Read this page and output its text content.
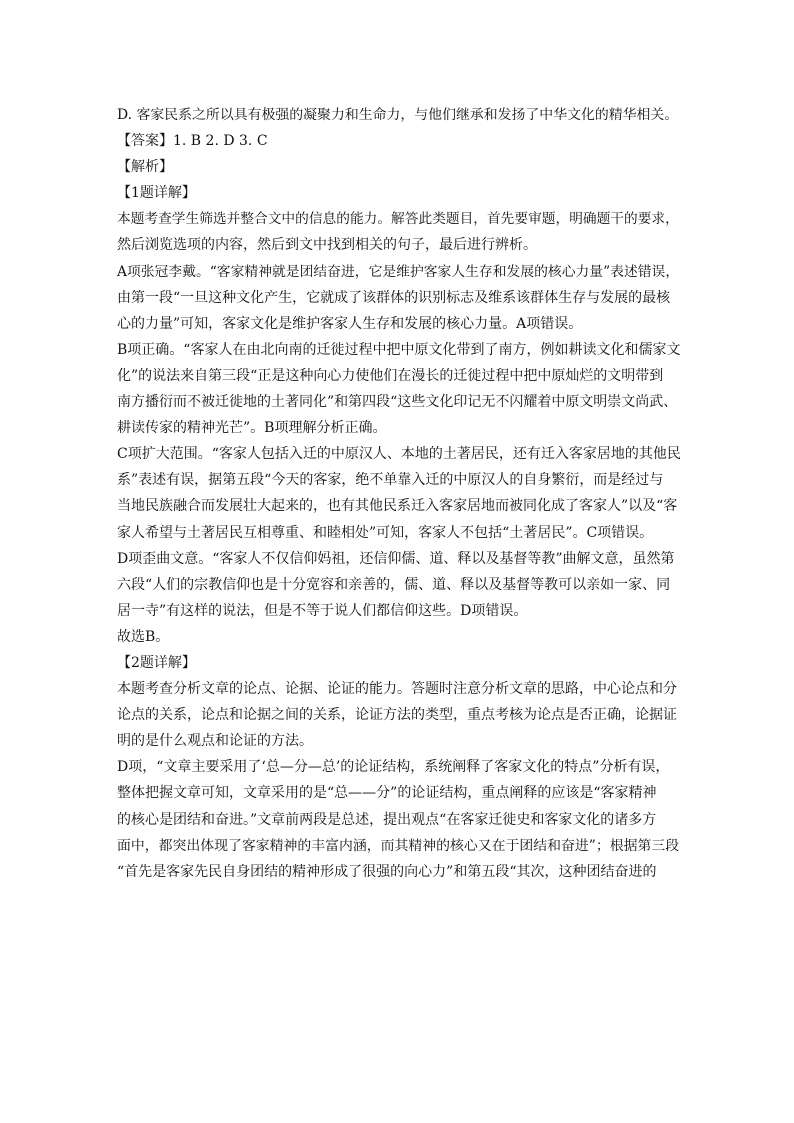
D. 客家民系之所以具有极强的凝聚力和生命力，与他们继承和发扬了中华文化的精华相关。
【答案】1. B 2. D 3. C
【解析】
【1题详解】
本题考查学生筛选并整合文中的信息的能力。解答此类题目，首先要审题，明确题干的要求，
然后浏览选项的内容，然后到文中找到相关的句子，最后进行辨析。
A项张冠李戴。“客家精神就是团结奋进，它是维护客家人生存和发展的核心力量”表述错误，
由第一段“一旦这种文化产生，它就成了该群体的识别标志及维系该群体生存与发展的最核
心的力量”可知，客家文化是维护客家人生存和发展的核心力量。A项错误。
B项正确。“客家人在由北向南的迁徙过程中把中原文化带到了南方，例如耕读文化和儒家文
化”的说法来自第三段“正是这种向心力使他们在漫长的迁徙过程中把中原灿烂的文明带到
南方播衍而不被迁徙地的土著同化”和第四段“这些文化印记无不闪耀着中原文明崇文尚武、
耕读传家的精神光芒”。B项理解分析正确。
C项扩大范围。“客家人包括入迁的中原汉人、本地的土著居民，还有迁入客家居地的其他民
系”表述有误，据第五段“今天的客家，绝不单靠入迁的中原汉人的自身繁衍，而是经过与
当地民族融合而发展壮大起来的，也有其他民系迁入客家居地而被同化成了客家人”以及“客
家人希望与土著居民互相尊重、和睦相处”可知，客家人不包括“土著居民”。C项错误。
D项歪曲文意。“客家人不仅信仰妈祖，还信仰儒、道、释以及基督等教”曲解文意，虽然第
六段“人们的宗教信仰也是十分宽容和亲善的，儒、道、释以及基督等教可以亲如一家、同
居一寺”有这样的说法，但是不等于说人们都信仰这些。D项错误。
故选B。
【2题详解】
本题考查分析文章的论点、论据、论证的能力。答题时注意分析文章的思路，中心论点和分
论点的关系，论点和论据之间的关系，论证方法的类型，重点考核为论点是否正确，论据证
明的是什么观点和论证的方法。
D项，“文章主要采用了‘总—分—总’的论证结构，系统阐释了客家文化的特点”分析有误，
整体把握文章可知，文章采用的是“总——分”的论证结构，重点阐释的应该是“客家精神
的核心是团结和奋进。”文章前两段是总述，提出观点“在客家迁徙史和客家文化的诸多方
面中，都突出体现了客家精神的丰富内涵，而其精神的核心又在于团结和奋进”；根据第三段
“首先是客家先民自身团结的精神形成了很强的向心力”和第五段“其次，这种团结奋进的
